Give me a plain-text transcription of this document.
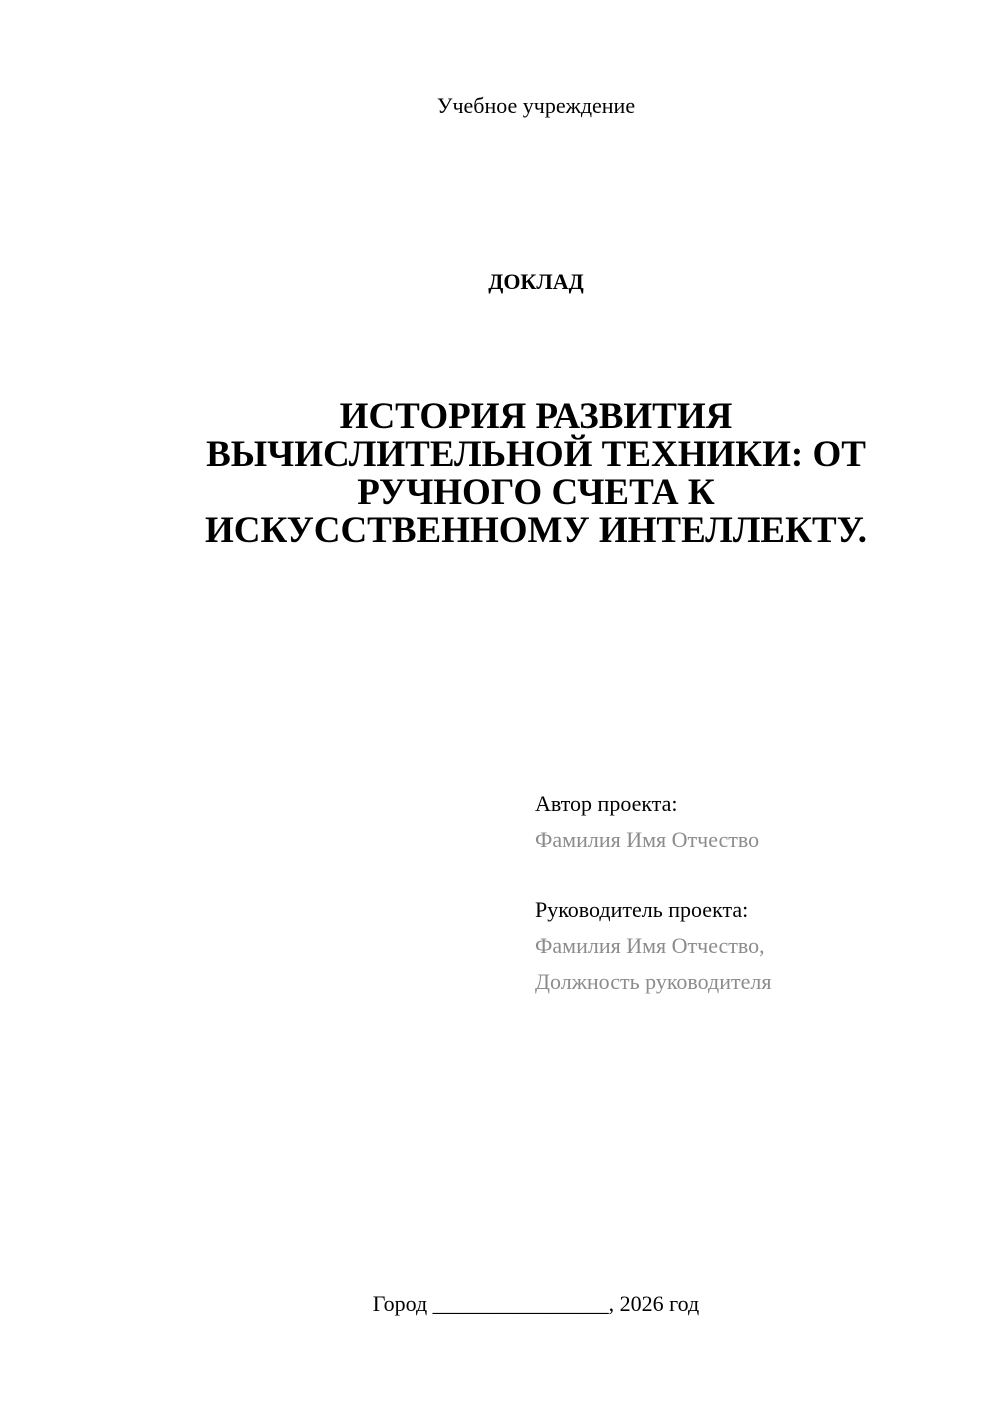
Учебное учреждение
ДОКЛАД
ИСТОРИЯ РАЗВИТИЯ
ВЫЧИСЛИТЕЛЬНОЙ ТЕХНИКИ: ОТ
РУЧНОГО СЧЕТА К
ИСКУССТВЕННОМУ ИНТЕЛЛЕКТУ.
Автор проекта:
Фамилия Имя Отчество
Руководитель проекта:
Фамилия Имя Отчество,
Должность руководителя
Город ________________, 2026 год
